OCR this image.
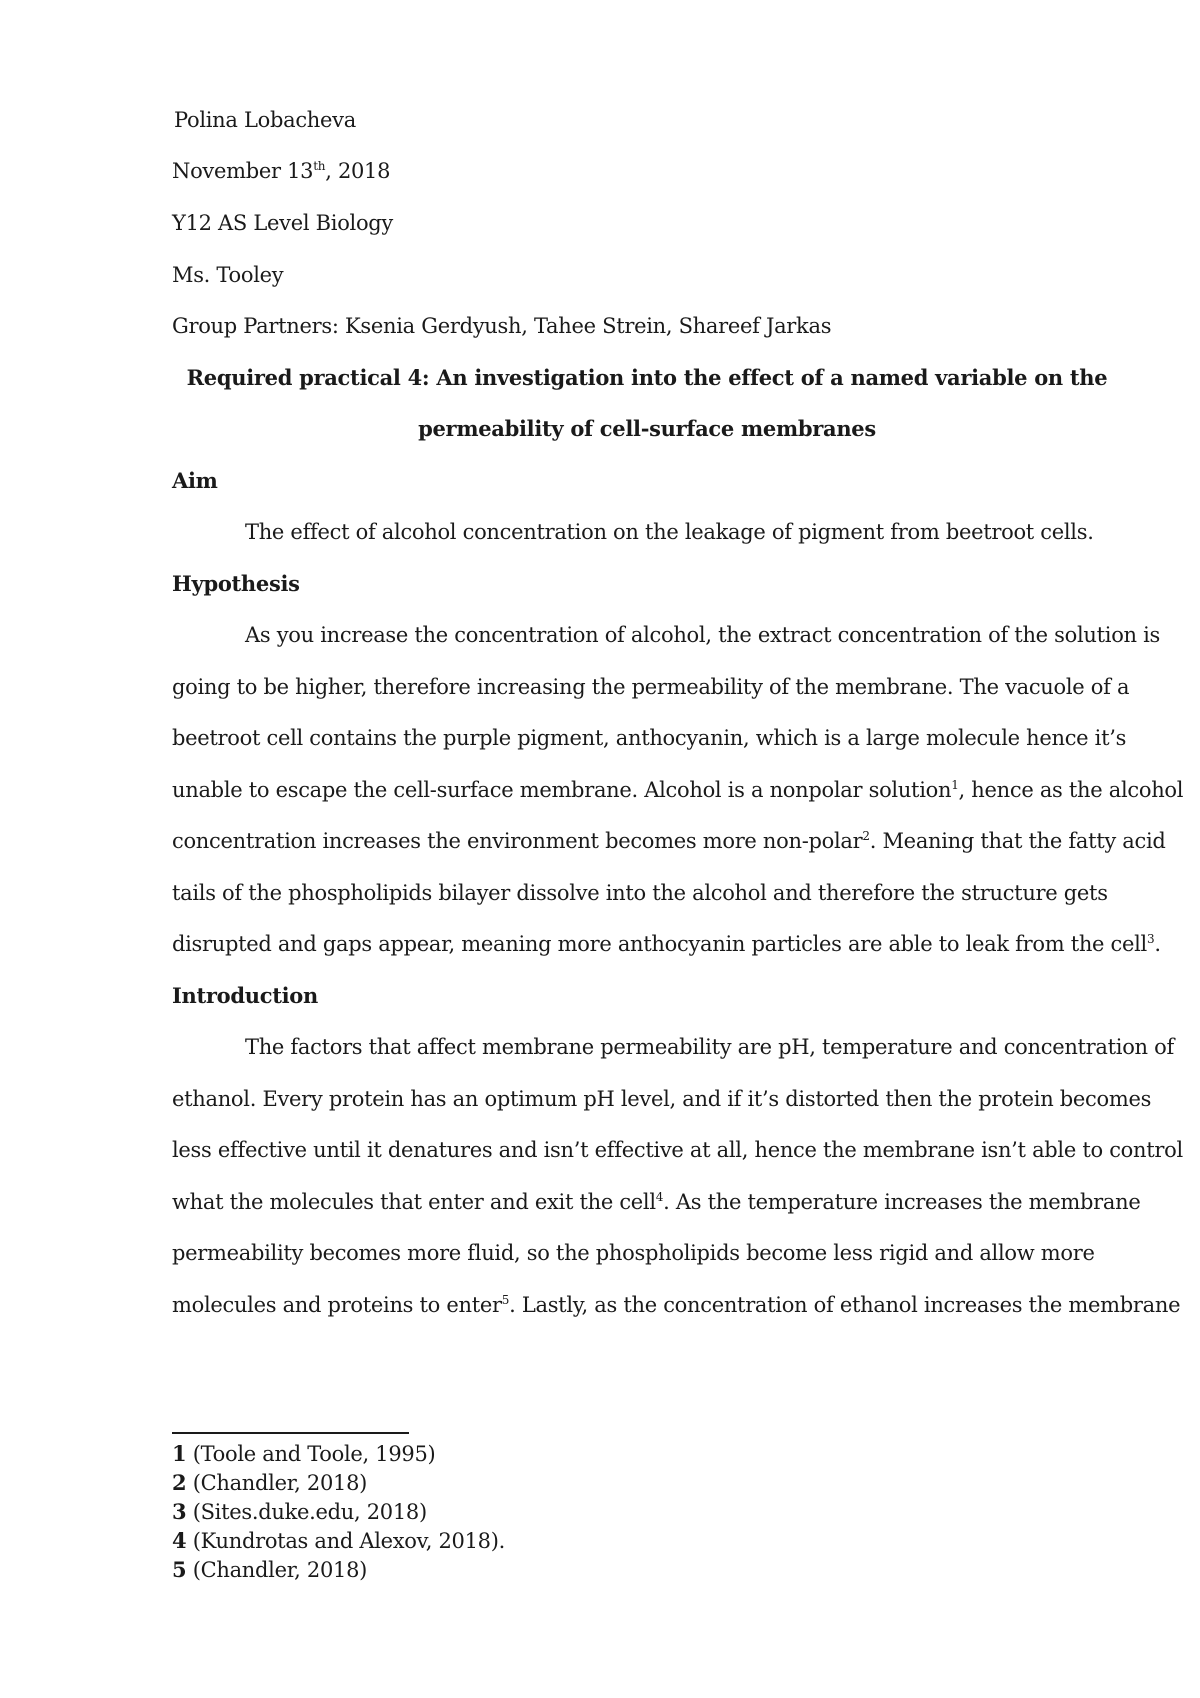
Polina Lobacheva
November 13th, 2018
Y12 AS Level Biology
Ms. Tooley
Group Partners: Ksenia Gerdyush, Tahee Strein, Shareef Jarkas
Required practical 4: An investigation into the effect of a named variable on the
permeability of cell-surface membranes
Aim
The effect of alcohol concentration on the leakage of pigment from beetroot cells.
Hypothesis
As you increase the concentration of alcohol, the extract concentration of the solution is
going to be higher, therefore increasing the permeability of the membrane. The vacuole of a
beetroot cell contains the purple pigment, anthocyanin, which is a large molecule hence it’s
unable to escape the cell-surface membrane. Alcohol is a nonpolar solution$^1$, hence as the alcohol
concentration increases the environment becomes more non-polar$^2$. Meaning that the fatty acid
tails of the phospholipids bilayer dissolve into the alcohol and therefore the structure gets
disrupted and gaps appear, meaning more anthocyanin particles are able to leak from the cell$^3$.
Introduction
The factors that affect membrane permeability are pH, temperature and concentration of
ethanol. Every protein has an optimum pH level, and if it’s distorted then the protein becomes
less effective until it denatures and isn’t effective at all, hence the membrane isn’t able to control
what the molecules that enter and exit the cell$^4$. As the temperature increases the membrane
permeability becomes more fluid, so the phospholipids become less rigid and allow more
molecules and proteins to enter$^5$. Lastly, as the concentration of ethanol increases the membrane
1 (Toole and Toole, 1995)
2 (Chandler, 2018)
3 (Sites.duke.edu, 2018)
4 (Kundrotas and Alexov, 2018).
5 (Chandler, 2018)
